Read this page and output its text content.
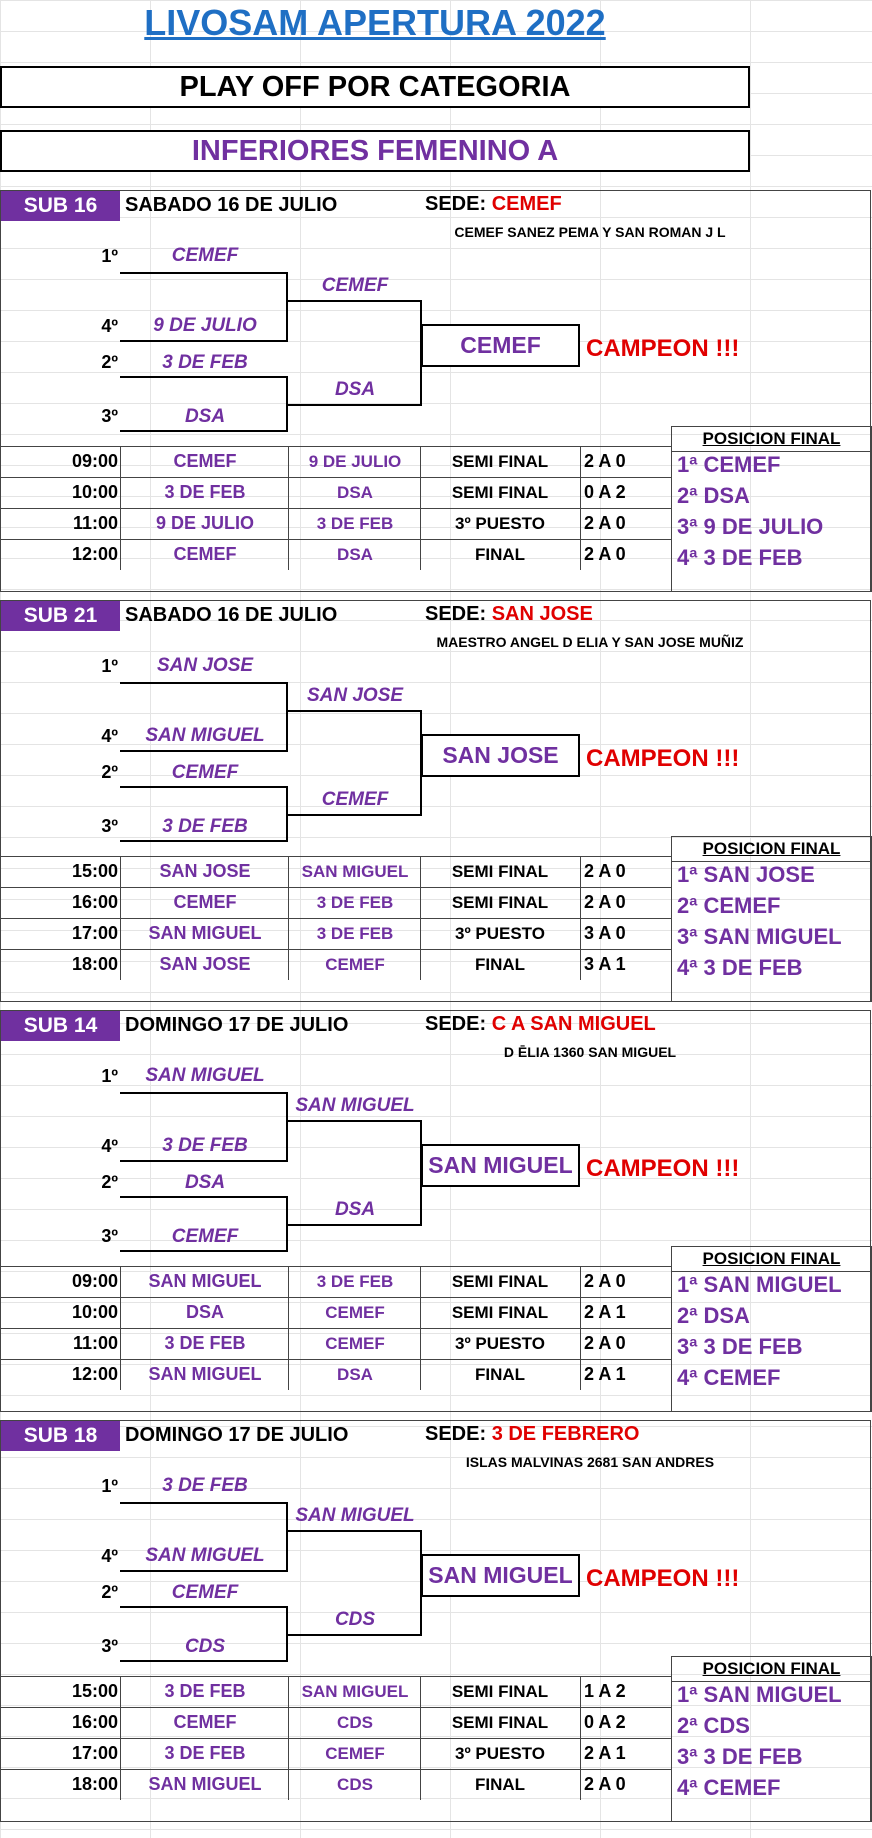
LIVOSAM APERTURA 2022
PLAY OFF POR CATEGORIA
INFERIORES FEMENINO A
SUB 16	SABADO 16 DE JULIO	SEDE: CEMEF
CEMEF SANEZ PEMA Y SAN ROMAN J L
1º	CEMEF
4º	9 DE JULIO
2º	3 DE FEB
3º	DSA
CEMEF
DSA
CEMEF	CAMPEON !!!
POSICION FINAL
1ª CEMEF
2ª DSA
3ª 9 DE JULIO
4ª 3 DE FEB
09:00	CEMEF	9 DE JULIO	SEMI FINAL	2 A 0
10:00	3 DE FEB	DSA	SEMI FINAL	0 A 2
11:00	9 DE JULIO	3 DE FEB	3º PUESTO	2 A 0
12:00	CEMEF	DSA	FINAL	2 A 0
SUB 21	SABADO 16 DE JULIO	SEDE: SAN JOSE
MAESTRO ANGEL D ELIA Y SAN JOSE MUÑIZ
1º	SAN JOSE
4º	SAN MIGUEL
2º	CEMEF
3º	3 DE FEB
SAN JOSE
CEMEF
SAN JOSE	CAMPEON !!!
POSICION FINAL
1ª SAN JOSE
2ª CEMEF
3ª SAN MIGUEL
4ª 3 DE FEB
15:00	SAN JOSE	SAN MIGUEL	SEMI FINAL	2 A 0
16:00	CEMEF	3 DE FEB	SEMI FINAL	2 A 0
17:00	SAN MIGUEL	3 DE FEB	3º PUESTO	3 A 0
18:00	SAN JOSE	CEMEF	FINAL	3 A 1
SUB 14	DOMINGO 17 DE JULIO	SEDE: C A SAN MIGUEL
D ĒLIA 1360 SAN MIGUEL
1º	SAN MIGUEL
4º	3 DE FEB
2º	DSA
3º	CEMEF
SAN MIGUEL
DSA
SAN MIGUEL CAMPEON !!!
POSICION FINAL
1ª SAN MIGUEL
2ª DSA
3ª 3 DE FEB
4ª CEMEF
09:00	SAN MIGUEL	3 DE FEB	SEMI FINAL	2 A 0
10:00	DSA	CEMEF	SEMI FINAL	2 A 1
11:00	3 DE FEB	CEMEF	3º PUESTO	2 A 0
12:00	SAN MIGUEL	DSA	FINAL	2 A 1
SUB 18	DOMINGO 17 DE JULIO	SEDE: 3 DE FEBRERO
ISLAS MALVINAS 2681 SAN ANDRES
1º	3 DE FEB
4º	SAN MIGUEL
2º	CEMEF
3º	CDS
SAN MIGUEL
CDS
SAN MIGUEL CAMPEON !!!
POSICION FINAL
1ª SAN MIGUEL
2ª CDS
3ª 3 DE FEB
4ª CEMEF
15:00	3 DE FEB	SAN MIGUEL	SEMI FINAL	1 A 2
16:00	CEMEF	CDS	SEMI FINAL	0 A 2
17:00	3 DE FEB	CEMEF	3º PUESTO	2 A 1
18:00	SAN MIGUEL	CDS	FINAL	2 A 0
